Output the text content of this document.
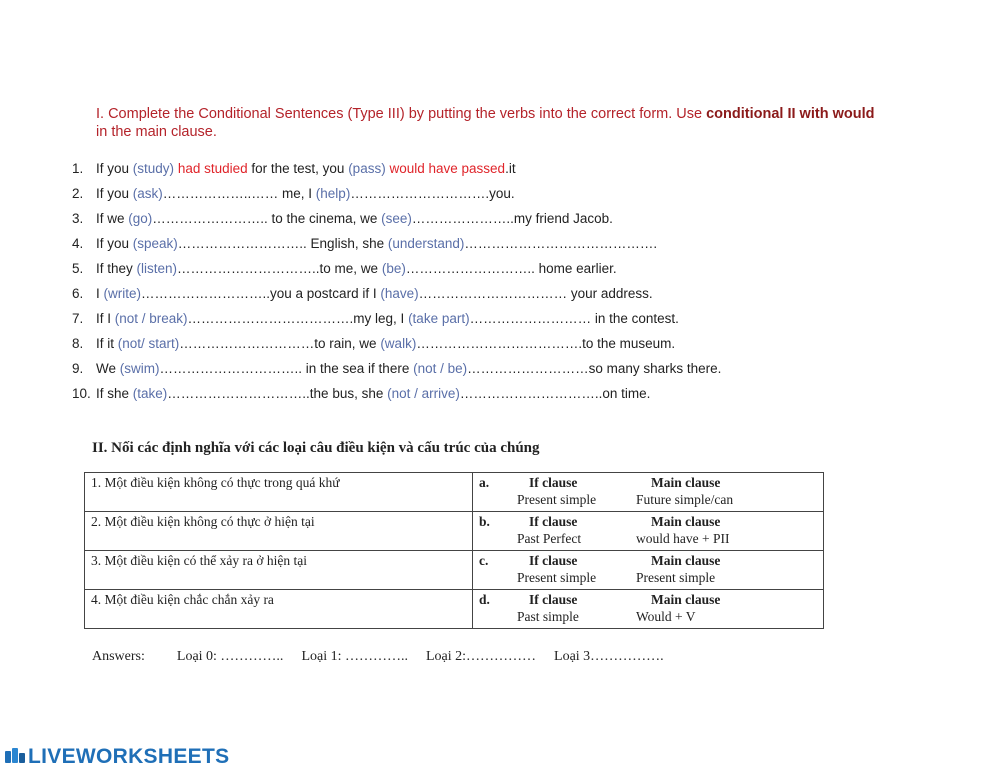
I. Complete the Conditional Sentences (Type III) by putting the verbs into the correct form. Use conditional II with would in the main clause.
1. If you (study) had studied for the test, you (pass) would have passed.it
2. If you (ask)………………..…… me, I (help)………………………….you.
3. If we (go)…………………….. to the cinema, we (see)…………………..my friend Jacob.
4. If you (speak)……………………….. English, she (understand)…………………………………….
5. If they (listen)…………………………..to me, we (be)……………………….. home earlier.
6. I (write)………………………..you a postcard if I (have)…………………………… your address.
7. If I (not / break)……………………………….my leg, I (take part)……………………… in the contest.
8. If it (not/ start)…………………………to rain, we (walk)……………………………….to the museum.
9. We (swim)………………………….. in the sea if there (not / be)………………………so many sharks there.
10. If she (take)…………………………..the bus, she (not / arrive)…………………………..on time.
II. Nối các định nghĩa với các loại câu điều kiện và cấu trúc của chúng
1. Một điều kiện không có thực trong quá khứ	a. If clause Main clause
Present simple Future simple/can

2. Một điều kiện không có thực ở hiện tại	b. If clause Main clause
Past Perfect would have + PII

3. Một điều kiện có thể xảy ra ở hiện tại	c. If clause Main clause
Present simple Present simple

4. Một điều kiện chắc chắn xảy ra	d. If clause Main clause
Past simple Would + V
Answers: Loại 0: ………….. Loại 1: ………….. Loại 2:…………… Loại 3…………….
LIVEWORKSHEETS
